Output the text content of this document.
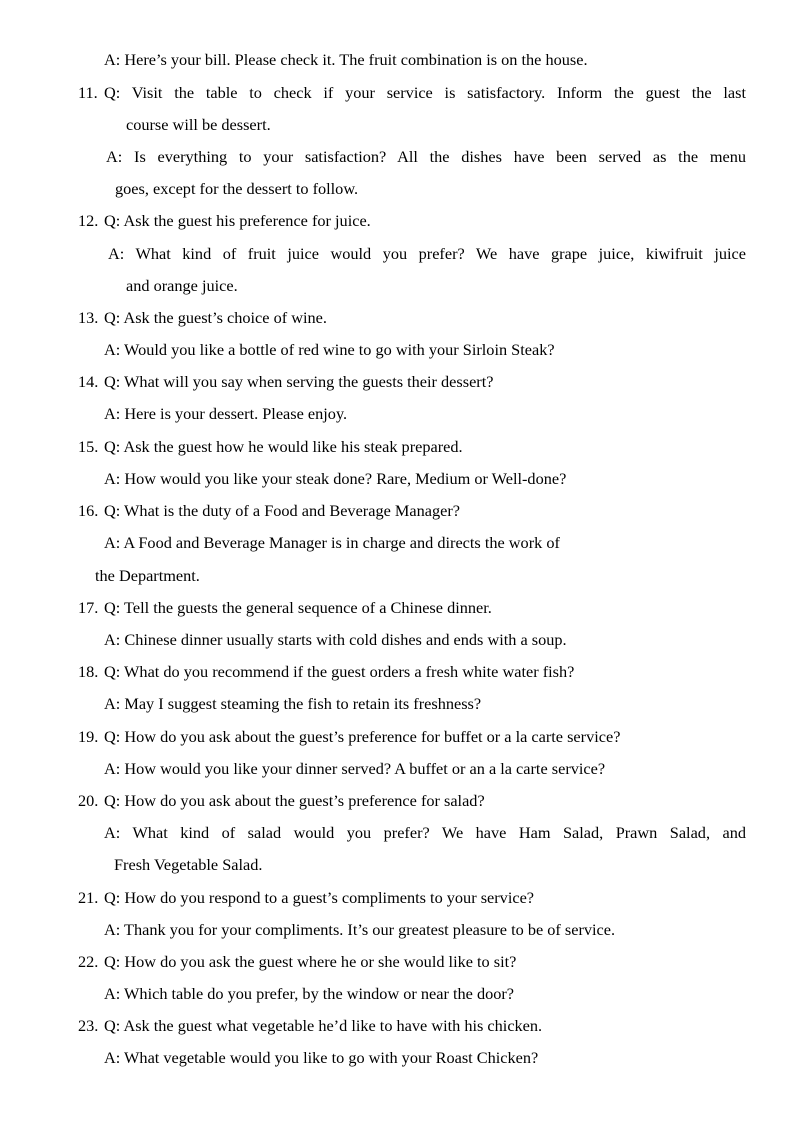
A: Here’s your bill. Please check it. The fruit combination is on the house.
11. Q: Visit the table to check if your service is satisfactory. Inform the guest the last
course will be dessert.
A: Is everything to your satisfaction? All the dishes have been served as the menu
goes, except for the dessert to follow.
12. Q: Ask the guest his preference for juice.
A: What kind of fruit juice would you prefer? We have grape juice, kiwifruit juice
and orange juice.
13. Q: Ask the guest’s choice of wine.
A: Would you like a bottle of red wine to go with your Sirloin Steak?
14. Q: What will you say when serving the guests their dessert?
A: Here is your dessert. Please enjoy.
15. Q: Ask the guest how he would like his steak prepared.
A: How would you like your steak done? Rare, Medium or Well-done?
16. Q: What is the duty of a Food and Beverage Manager?
A: A Food and Beverage Manager is in charge and directs the work of
the Department.
17. Q: Tell the guests the general sequence of a Chinese dinner.
A: Chinese dinner usually starts with cold dishes and ends with a soup.
18. Q: What do you recommend if the guest orders a fresh white water fish?
A: May I suggest steaming the fish to retain its freshness?
19. Q: How do you ask about the guest’s preference for buffet or a la carte service?
A: How would you like your dinner served? A buffet or an a la carte service?
20. Q: How do you ask about the guest’s preference for salad?
A: What kind of salad would you prefer? We have Ham Salad, Prawn Salad, and
Fresh Vegetable Salad.
21. Q: How do you respond to a guest’s compliments to your service?
A: Thank you for your compliments. It’s our greatest pleasure to be of service.
22. Q: How do you ask the guest where he or she would like to sit?
A: Which table do you prefer, by the window or near the door?
23. Q: Ask the guest what vegetable he’d like to have with his chicken.
A: What vegetable would you like to go with your Roast Chicken?
